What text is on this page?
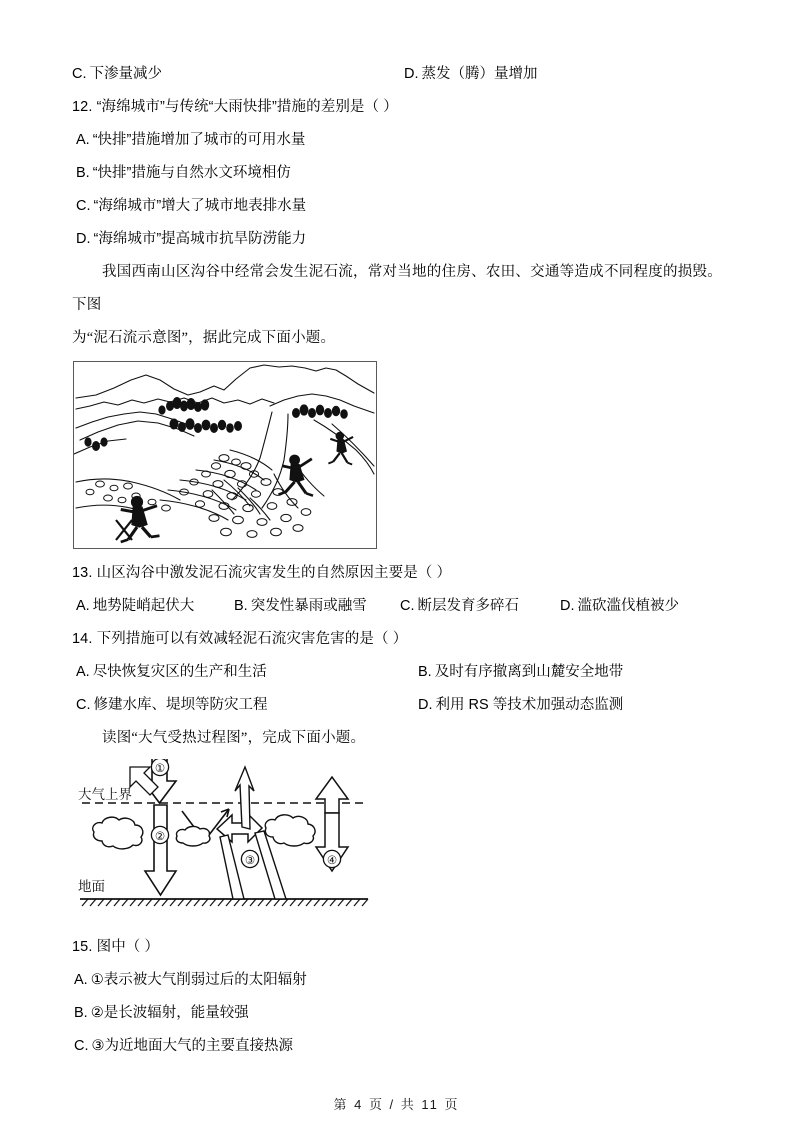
C. 下渗量减少	D. 蒸发（腾）量增加
12. “海绵城市”与传统“大雨快排”措施的差别是（ ）
A. “快排”措施增加了城市的可用水量
B. “快排”措施与自然水文环境相仿
C. “海绵城市”增大了城市地表排水量
D. “海绵城市”提高城市抗旱防涝能力
我国西南山区沟谷中经常会发生泥石流，常对当地的住房、农田、交通等造成不同程度的损毁。下图
为“泥石流示意图”，据此完成下面小题。
13. 山区沟谷中激发泥石流灾害发生的自然原因主要是（ ）
A. 地势陡峭起伏大	B. 突发性暴雨或融雪 C. 断层发育多碎石	D. 滥砍滥伐植被少
14. 下列措施可以有效减轻泥石流灾害危害的是（ ）
A. 尽快恢复灾区的生产和生活	B. 及时有序撤离到山麓安全地带
C. 修建水库、堤坝等防灾工程	D. 利用 RS 等技术加强动态监测
读图“大气受热过程图”，完成下面小题。
①
②
③	④
大气上界
地面
15. 图中（ ）
A. ①表示被大气削弱过后的太阳辐射
B. ②是长波辐射，能量较强
C. ③为近地面大气的主要直接热源
第 4 页 / 共 11 页
